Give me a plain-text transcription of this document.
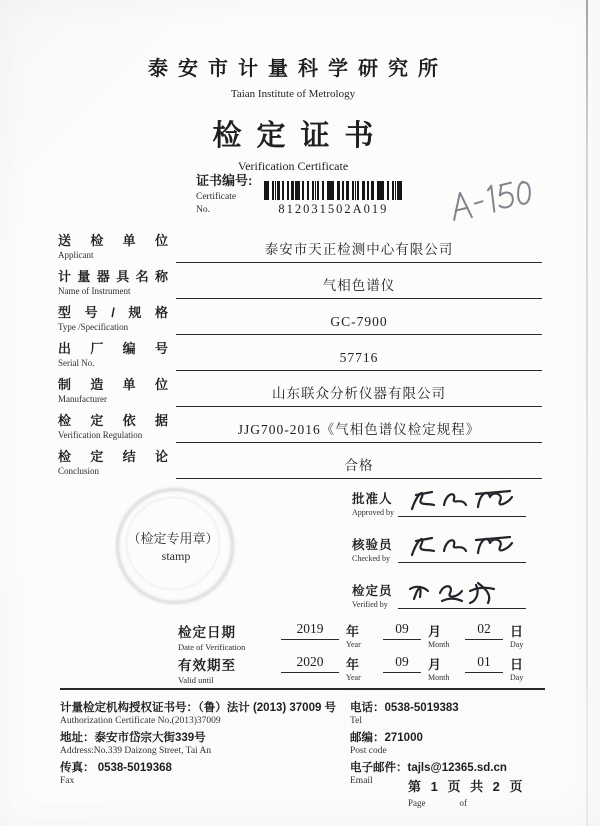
泰安市计量科学研究所
Taian Institute of Metrology
检定证书
Verification Certificate
证书编号:
Certificate
No.	812031502A019
送检单位
Applicant	泰安市天正检测中心有限公司
计量器具名称
Name of Instrument	气相色谱仪
型号/规格
Type /Specification	GC-7900
出厂编号
Serial No.	57716
制造单位
Manufacturer	山东联众分析仪器有限公司
检定依据
Verification Regulation	JJG700-2016《气相色谱仪检定规程》
检定结论
Conclusion	合格
（检定专用章）
stamp
批准人
Approved by
核验员
Checked by
检定员
Verified by
检定日期
Date of Verification
2019	年
Year
09	月
Month
02	日
Day
有效期至
Valid until
2020	年
Year
09	月
Month
01	日
Day
计量检定机构授权证书号：（鲁）法计 (2013) 37009 号
Authorization Certificate No.(2013)37009
地址：泰安市岱宗大街339号
Address:No.339 Daizong Street, Tai An
传真： 0538-5019368
Fax
电话：0538-5019383
Tel
邮编：271000
Post code
电子邮件：tajls@12365.sd.cn
Email	第 1 页 共 2 页
Page	of
